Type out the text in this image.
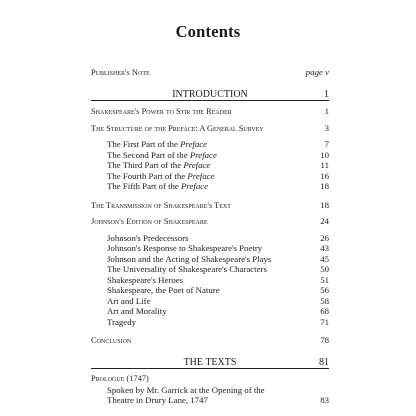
Contents
Publisher's Note	page v
INTRODUCTION	1
Shakespeare's Power to Stir the Reader	1
The Structure of the Preface: A General Survey	3
The First Part of the Preface	7
The Second Part of the Preface	10
The Third Part of the Preface	11
The Fourth Part of the Preface	16
The Fifth Part of the Preface	18
The Transmission of Shakespeare's Text	18
Johnson's Edition of Shakespeare	24
Johnson's Predecessors	26
Johnson's Response to Shakespeare's Poetry	43
Johnson and the Acting of Shakespeare's Plays	45
The Universality of Shakespeare's Characters	50
Shakespeare's Heroes	51
Shakespeare, the Poet of Nature	56
Art and Life	58
Art and Morality	68
Tragedy	71
Conclusion	78
THE TEXTS	81
Prologue (1747)
Spoken by Mr. Garrick at the Opening of the
Theatre in Drury Lane, 1747	83
